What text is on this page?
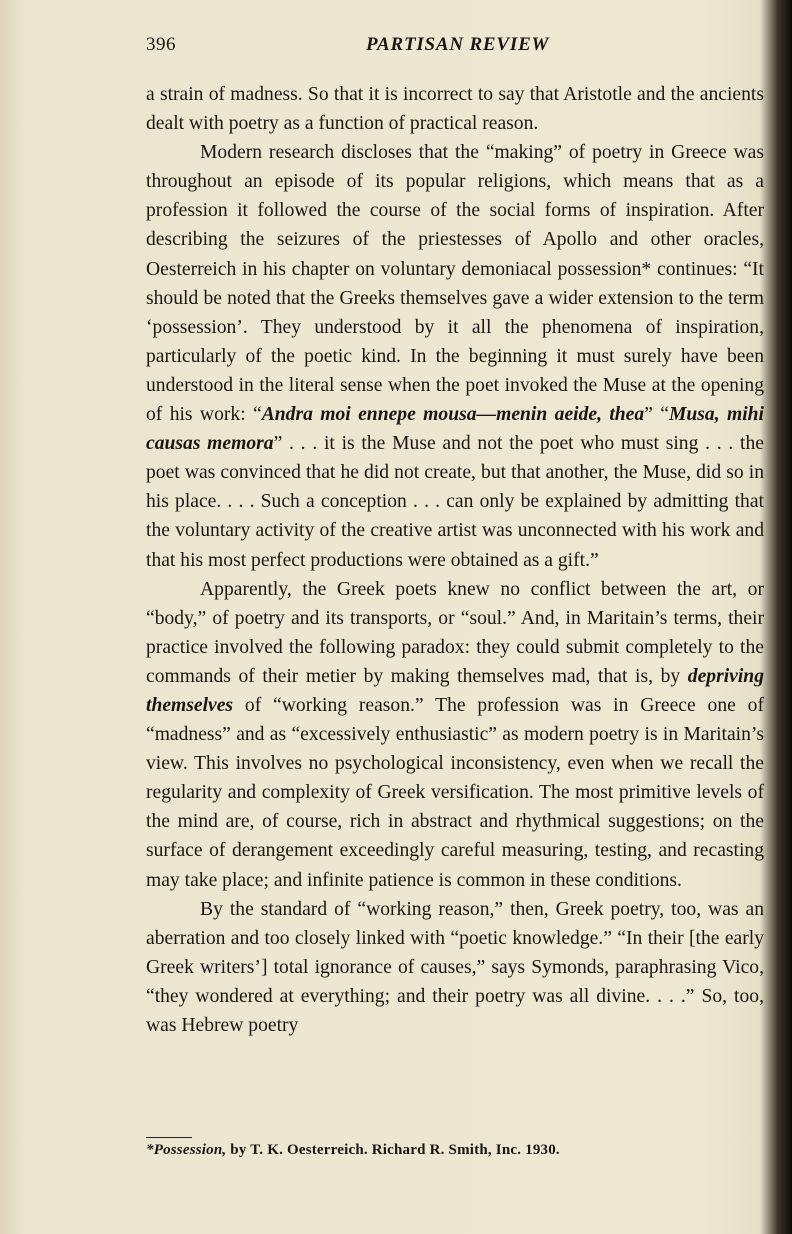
396	PARTISAN REVIEW

a strain of madness. So that it is incorrect to say that Aristotle and the ancients dealt with poetry as a function of practical reason.

Modern research discloses that the “making” of poetry in Greece was throughout an episode of its popular religions, which means that as a profession it followed the course of the social forms of inspiration. After describing the seizures of the priestesses of Apollo and other oracles, Oesterreich in his chapter on voluntary demoniacal possession* continues: “It should be noted that the Greeks themselves gave a wider extension to the term ‘possession’. They understood by it all the phenomena of inspiration, particularly of the poetic kind. In the beginning it must surely have been understood in the literal sense when the poet invoked the Muse at the opening of his work: “Andra moi ennepe mousa—menin aeide, thea” “Musa, mihi causas memora” . . . it is the Muse and not the poet who must sing . . . the poet was convinced that he did not create, but that another, the Muse, did so in his place. . . . Such a conception . . . can only be explained by admitting that the voluntary activity of the creative artist was unconnected with his work and that his most perfect productions were obtained as a gift.”

Apparently, the Greek poets knew no conflict between the art, or “body,” of poetry and its transports, or “soul.” And, in Maritain’s terms, their practice involved the following paradox: they could submit completely to the commands of their metier by making themselves mad, that is, by depriving themselves of “working reason.” The profession was in Greece one of “madness” and as “excessively enthusiastic” as modern poetry is in Maritain’s view. This involves no psychological inconsistency, even when we recall the regularity and complexity of Greek versification. The most primitive levels of the mind are, of course, rich in abstract and rhythmical suggestions; on the surface of derangement exceedingly careful measuring, testing, and recasting may take place; and infinite patience is common in these conditions.

By the standard of “working reason,” then, Greek poetry, too, was an aberration and too closely linked with “poetic knowledge.” “In their [the early Greek writers’] total ignorance of causes,” says Symonds, paraphrasing Vico, “they wondered at everything; and their poetry was all divine. . . .” So, too, was Hebrew poetry

*Possession, by T. K. Oesterreich. Richard R. Smith, Inc. 1930.
